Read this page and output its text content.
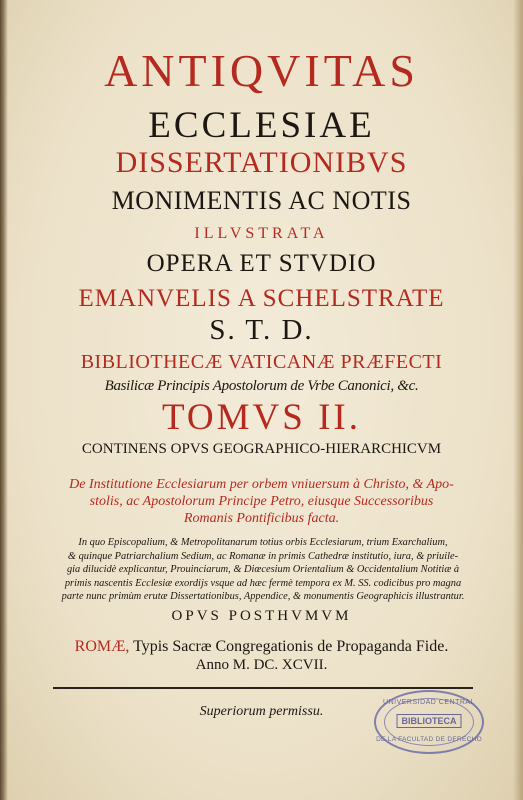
ANTIQVITAS
ECCLESIAE
DISSERTATIONIBVS
MONIMENTIS AC NOTIS
ILLVSTRATA
OPERA ET STVDIO
EMANVELIS A SCHELSTRATE
S. T. D.
BIBLIOTHECÆ VATICANÆ PRÆFECTI
Basilicæ Principis Apostolorum de Vrbe Canonici, &c.
TOMVS II.
CONTINENS OPVS GEOGRAPHICO-HIERARCHICVM
De Institutione Ecclesiarum per orbem vniuersum à Christo, & Apo-
stolis, ac Apostolorum Principe Petro, eiusque Successoribus
Romanis Pontificibus facta.
In quo Episcopalium, & Metropolitanarum totius orbis Ecclesiarum, trium Exarchalium,
& quinque Patriarchalium Sedium, ac Romanæ in primis Cathedræ institutio, iura, & priuile-
gia dilucidè explicantur, Prouinciarum, & Diœcesium Orientalium & Occidentalium Notitiæ à
primis nascentis Ecclesiæ exordijs vsque ad hæc fermè tempora ex M. SS. codicibus pro magna
parte nunc primùm erutæ Dissertationibus, Appendice, & monumentis Geographicis illustrantur.
OPVS POSTHVMVM
ROMÆ, Typis Sacræ Congregationis de Propaganda Fide.
Anno M. DC. XCVII.
Superiorum permissu.
UNIVERSIDAD CENTRAL
BIBLIOTECA
DE LA FACULTAD DE DERECHO
